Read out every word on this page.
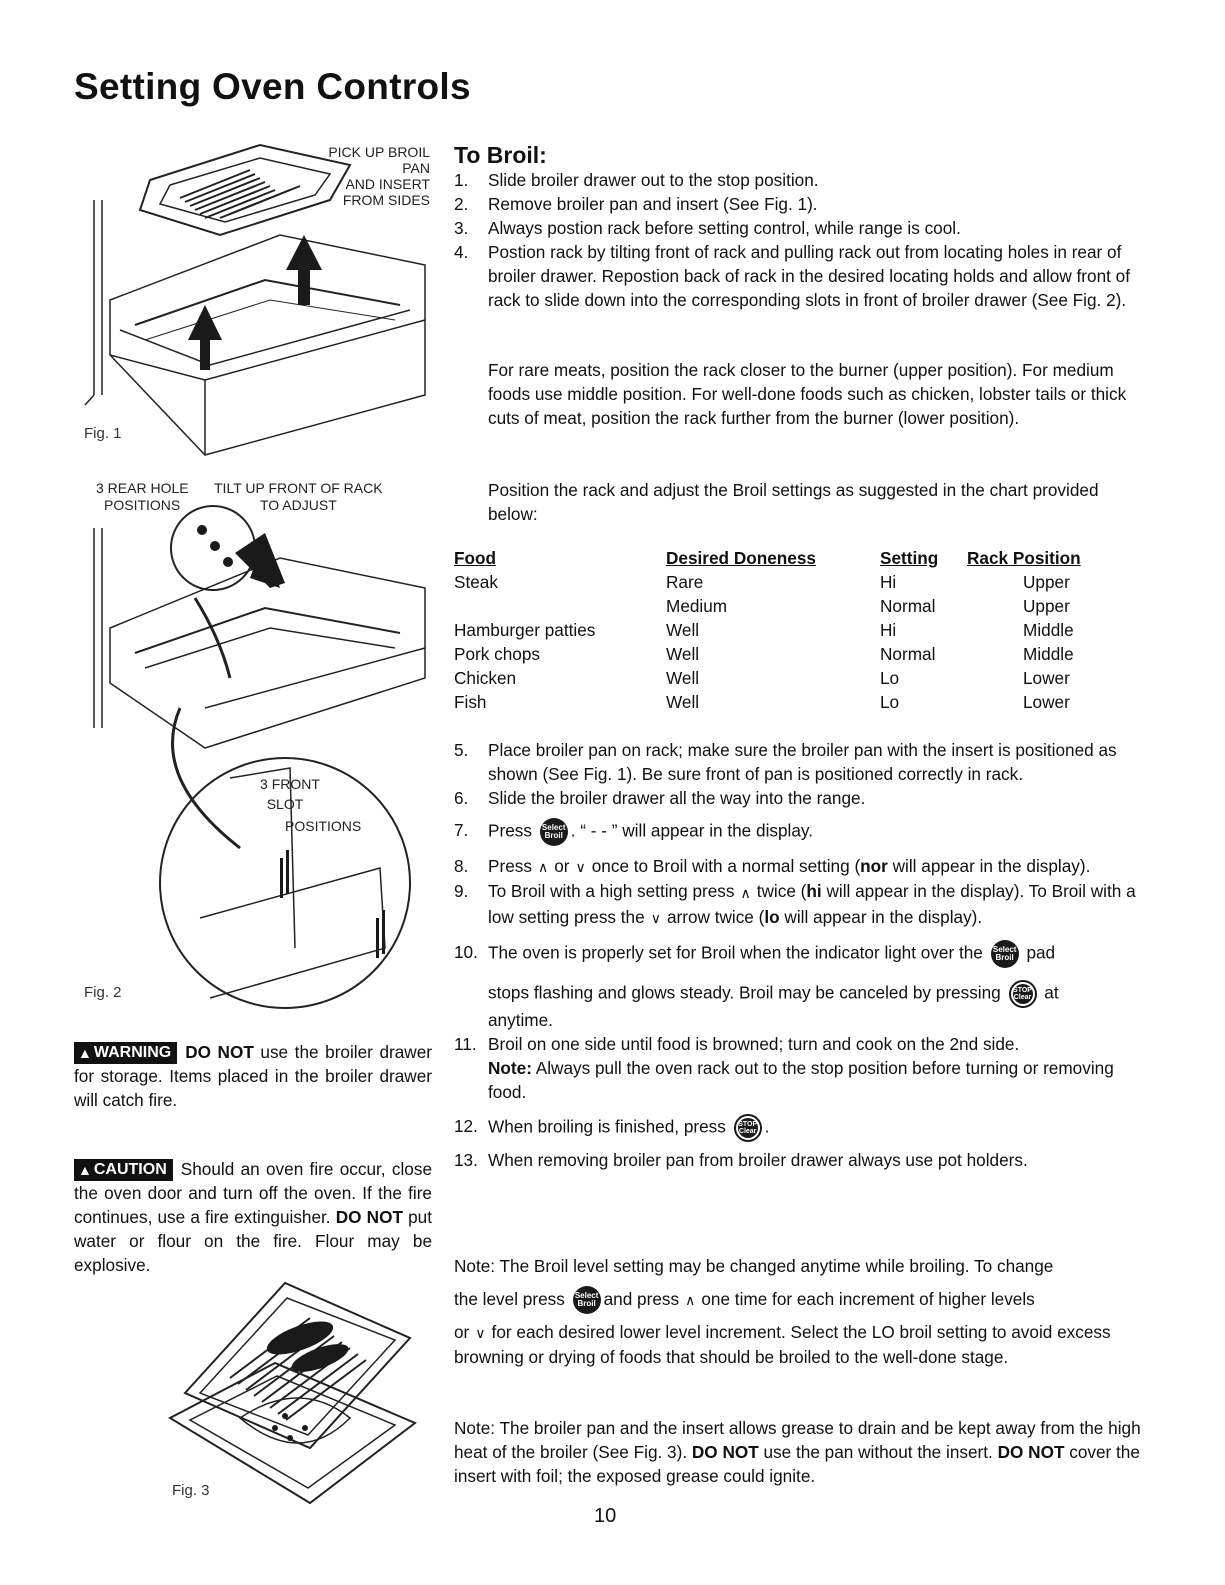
Setting Oven Controls
PICK UP BROIL PAN
AND INSERT
FROM SIDES
Fig. 1
3 REAR HOLE
POSITIONS
TILT UP FRONT OF RACK
TO ADJUST
3 FRONT
SLOT
POSITIONS
Fig. 2
▲ WARNING DO NOT use the broiler drawer for storage. Items placed in the broiler drawer will catch fire.
▲ CAUTION Should an oven fire occur, close the oven door and turn off the oven. If the fire continues, use a fire extinguisher. DO NOT put water or flour on the fire. Flour may be explosive.
Fig. 3
To Broil:
1.	Slide broiler drawer out to the stop position.
2.	Remove broiler pan and insert (See Fig. 1).
3.	Always postion rack before setting control, while range is cool.
4.	Postion rack by tilting front of rack and pulling rack out from locating holes in rear of broiler drawer. Repostion back of rack in the desired locating holds and allow front of rack to slide down into the corresponding slots in front of broiler drawer (See Fig. 2).
For rare meats, position the rack closer to the burner (upper position). For medium foods use middle position. For well-done foods such as chicken, lobster tails or thick cuts of meat, position the rack further from the burner (lower position).
Position the rack and adjust the Broil settings as suggested in the chart provided below:
Food	Desired Doneness	Setting	Rack Position
Steak	Rare	Hi	Upper
	Medium	Normal	Upper
Hamburger patties	Well	Hi	Middle
Pork chops	Well	Normal	Middle
Chicken	Well	Lo	Lower
Fish	Well	Lo	Lower
5.	Place broiler pan on rack; make sure the broiler pan with the insert is positioned as shown (See Fig. 1). Be sure front of pan is positioned correctly in rack.
6.	Slide the broiler drawer all the way into the range.
7.	Press Select
Broil . “ - - ” will appear in the display.
8.	Press ∧ or ∨ once to Broil with a normal setting (nor will appear in the display).
9.	To Broil with a high setting press ∧ twice (hi will appear in the display). To Broil with a low setting press the ∨ arrow twice (lo will appear in the display).
10. The oven is properly set for Broil when the indicator light over the Select
Broil pad
stops flashing and glows steady. Broil may be canceled by pressing STOP
Clear at
anytime.
11. Broil on one side until food is browned; turn and cook on the 2nd side.
Note: Always pull the oven rack out to the stop position before turning or removing food.
12. When broiling is finished, press STOP
Clear .
13. When removing broiler pan from broiler drawer always use pot holders.
Note: The Broil level setting may be changed anytime while broiling. To change
the level press Select
Broil and press ∧ one time for each increment of higher levels
or ∨ for each desired lower level increment. Select the LO broil setting to avoid excess browning or drying of foods that should be broiled to the well-done stage.
Note: The broiler pan and the insert allows grease to drain and be kept away from the high heat of the broiler (See Fig. 3). DO NOT use the pan without the insert. DO NOT cover the insert with foil; the exposed grease could ignite.
10
